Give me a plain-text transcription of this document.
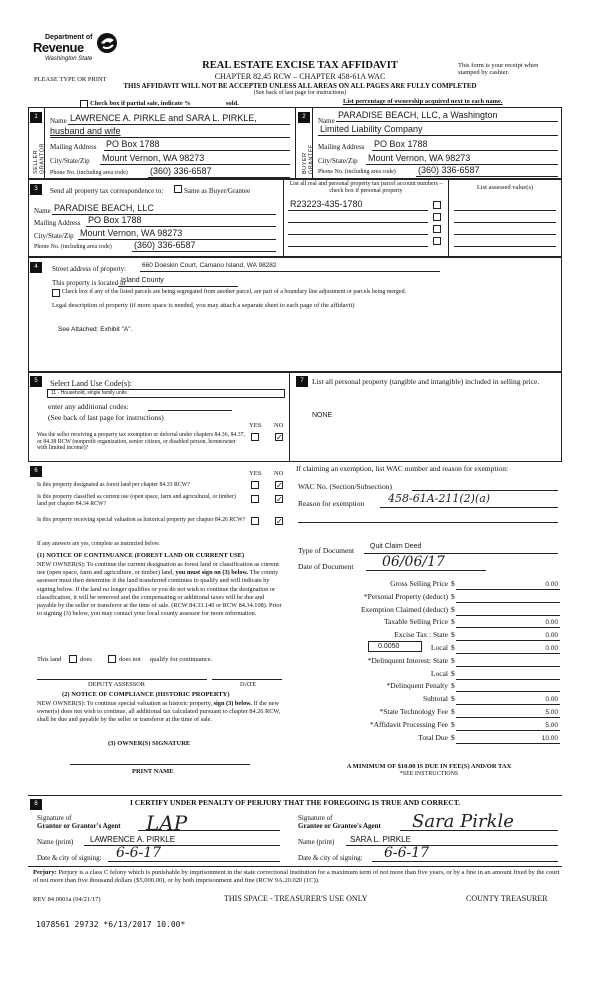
Department of
Revenue
Washington State
REAL ESTATE EXCISE TAX AFFIDAVIT
CHAPTER 82.45 RCW – CHAPTER 458-61A WAC
THIS AFFIDAVIT WILL NOT BE ACCEPTED UNLESS ALL AREAS ON ALL PAGES ARE FULLY COMPLETED
(See back of last page for instructions)
PLEASE TYPE OR PRINT
This form is your receipt when stamped by cashier.
Check box if partial sale, indicate %	sold.	List percentage of ownership acquired next to each name.
1
SELLER GRANTOR
Name LAWRENCE A. PIRKLE and SARA L. PIRKLE,
husband and wife
Mailing Address PO Box 1788
City/State/Zip Mount Vernon, WA 98273
Phone No. (including area code) (360) 336-6587
2
BUYER GRANTEE
Name
PARADISE BEACH, LLC, a Washington
Limited Liability Company
Mailing Address PO Box 1788
City/State/Zip Mount Vernon, WA 98273
Phone No. (including area code) (360) 336-6587
3	Send all property tax correspondence to:	Same as Buyer/Grantee
Name PARADISE BEACH, LLC
Mailing Address PO Box 1788
City/State/Zip Mount Vernon, WA 98273
Phone No. (including area code) (360) 336-6587
List all real and personal property tax parcel account numbers – check box if personal property	List assessed value(s)
R23223-435-1780
4	Street address of property: 660 Doeskin Court, Camano Island, WA 98282
This property is located in
Island County
Check box if any of the listed parcels are being segregated from another parcel, are part of a boundary line adjustment or parcels being merged.
Legal description of property (if more space is needed, you may attach a separate sheet to each page of the affidavit)
See Attached: Exhibit "A".
5	Select Land Use Code(s):
11 - Household, single family units
enter any additional codes:
(See back of last page for instructions)
YES NO
Was the seller receiving a property tax exemption or deferral under chapters 84.36, 84.37, or 84.38 RCW (nonprofit organization, senior citizen, or disabled person, homeowner with limited income)?
✓
7	List all personal property (tangible and intangible) included in selling price.
NONE
6	YES NO
Is this property designated as forest land per chapter 84.33 RCW?	✓
Is this property classified as current use (open space, farm and agricultural, or timber) land per chapter 84.34 RCW?	✓
Is this property receiving special valuation as historical property per chapter 84.26 RCW?	✓
If any answers are yes, complete as instructed below.
(1) NOTICE OF CONTINUANCE (FOREST LAND OR CURRENT USE)
NEW OWNER(S): To continue the current designation as forest land or classification as current use (open space, farm and agriculture, or timber) land, you must sign on (3) below. The county assessor must then determine if the land transferred continues to qualify and will indicate by signing below. If the land no longer qualifies or you do not wish to continue the designation or classification, it will be removed and the compensating or additional taxes will be due and payable by the seller or transferor at the time of sale. (RCW 84.33.140 or RCW 84.34.108). Prior to signing (3) below, you may contact your local county assessor for more information.
This land	does	does not qualify for continuance.
DEPUTY ASSESSOR	DATE
(2) NOTICE OF COMPLIANCE (HISTORIC PROPERTY)
NEW OWNER(S): To continue special valuation as historic property, sign (3) below. If the new owner(s) does not wish to continue, all additional tax calculated pursuant to chapter 84.26 RCW, shall be due and payable by the seller or transferor at the time of sale.
(3) OWNER(S) SIGNATURE
PRINT NAME
If claiming an exemption, list WAC number and reason for exemption:
WAC No. (Section/Subsection)
Reason for exemption 458-61A-211(2)(a)
Type of Document Quit Claim Deed
Date of Document 06/06/17
Gross Selling Price $	0.00
*Personal Property (deduct) $
Exemption Claimed (deduct) $
Taxable Selling Price $	0.00
Excise Tax : State $	0.00
Local $	0.00
*Delinquent Interest: State $
Local $
*Delinquent Penalty $
Subtotal $	0.00
*State Technology Fee $	5.00
*Affidavit Processing Fee $	5.00
Total Due $	10.00
0.0050
A MINIMUM OF $10.00 IS DUE IN FEE(S) AND/OR TAX
*SEE INSTRUCTIONS
8	I CERTIFY UNDER PENALTY OF PERJURY THAT THE FOREGOING IS TRUE AND CORRECT.
Signature of
Grantor or Grantor's Agent LAP
Name (print) LAWRENCE A. PIRKLE
Date & city of signing: 6-6-17
Signature of
Grantee or Grantee's Agent Sara Pirkle
Name (print) SARA L. PIRKLE
Date & city of signing: 6-6-17
Perjury: Perjury is a class C felony which is punishable by imprisonment in the state correctional institution for a maximum term of not more than five years, or by a fine in an amount fixed by the court of not more than five thousand dollars ($5,000.00), or by both imprisonment and fine (RCW 9A.20.020 (1C)).
REV 84 0001a (04/21/17)	THIS SPACE - TREASURER'S USE ONLY	COUNTY TREASURER
1078561 29732 *6/13/2017 10.00*
